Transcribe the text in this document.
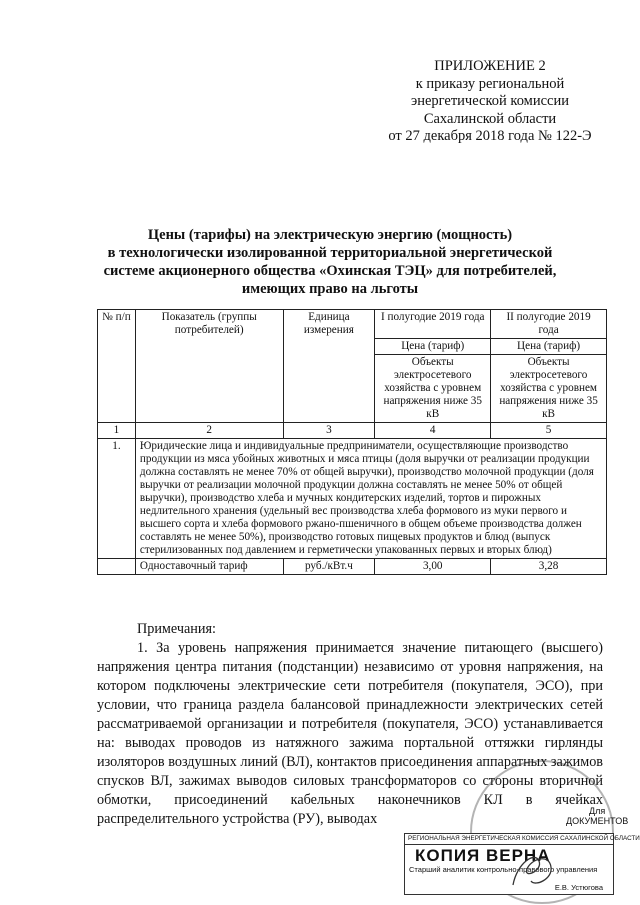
ПРИЛОЖЕНИЕ 2
к приказу региональной
энергетической комиссии
Сахалинской области
от 27 декабря 2018 года № 122-Э
Цены (тарифы) на электрическую энергию (мощность)
в технологически изолированной территориальной энергетической
системе акционерного общества «Охинская ТЭЦ» для потребителей,
имеющих право на льготы
№ п/п	Показатель (группы потребителей)	Единица измерения	I полугодие 2019 года	II полугодие 2019 года
			Цена (тариф)	Цена (тариф)
			Объекты электросетевого хозяйства с уровнем напряжения ниже 35 кВ	Объекты электросетевого хозяйства с уровнем напряжения ниже 35 кВ
1	2	3	4	5
1.	Юридические лица и индивидуальные предприниматели, осуществляющие производство продукции из мяса убойных животных и мяса птицы (доля выручки от реализации продукции должна составлять не менее 70% от общей выручки), производство молочной продукции (доля выручки от реализации молочной продукции должна составлять не менее 50% от общей выручки), производство хлеба и мучных кондитерских изделий, тортов и пирожных недлительного хранения (удельный вес производства хлеба формового из муки первого и высшего сорта и хлеба формового ржано-пшеничного в общем объеме производства должен составлять не менее 50%), производство готовых пищевых продуктов и блюд (выпуск стерилизованных под давлением и герметически упакованных первых и вторых блюд)			
	Одноставочный тариф	руб./кВт.ч	3,00	3,28
Примечания:

1. За уровень напряжения принимается значение питающего (высшего) напряжения центра питания (подстанции) независимо от уровня напряжения, на котором подключены электрические сети потребителя (покупателя, ЭСО), при условии, что граница раздела балансовой принадлежности электрических сетей рассматриваемой организации и потребителя (покупателя, ЭСО) устанавливается на: выводах проводов из натяжного зажима портальной оттяжки гирлянды изоляторов воздушных линий (ВЛ), контактов присоединения аппаратных зажимов спусков ВЛ, зажимах выводов силовых трансформаторов со стороны вторичной обмотки, присоединений кабельных наконечников КЛ в ячейках распределительного устройства (РУ), выводах	Для
ДОКУМЕНТОВ
РЕГИОНАЛЬНАЯ ЭНЕРГЕТИЧЕСКАЯ КОМИССИЯ САХАЛИНСКОЙ ОБЛАСТИ
КОПИЯ ВЕРНА
Старший аналитик контрольно-правового управления
Е.В. Устюгова
